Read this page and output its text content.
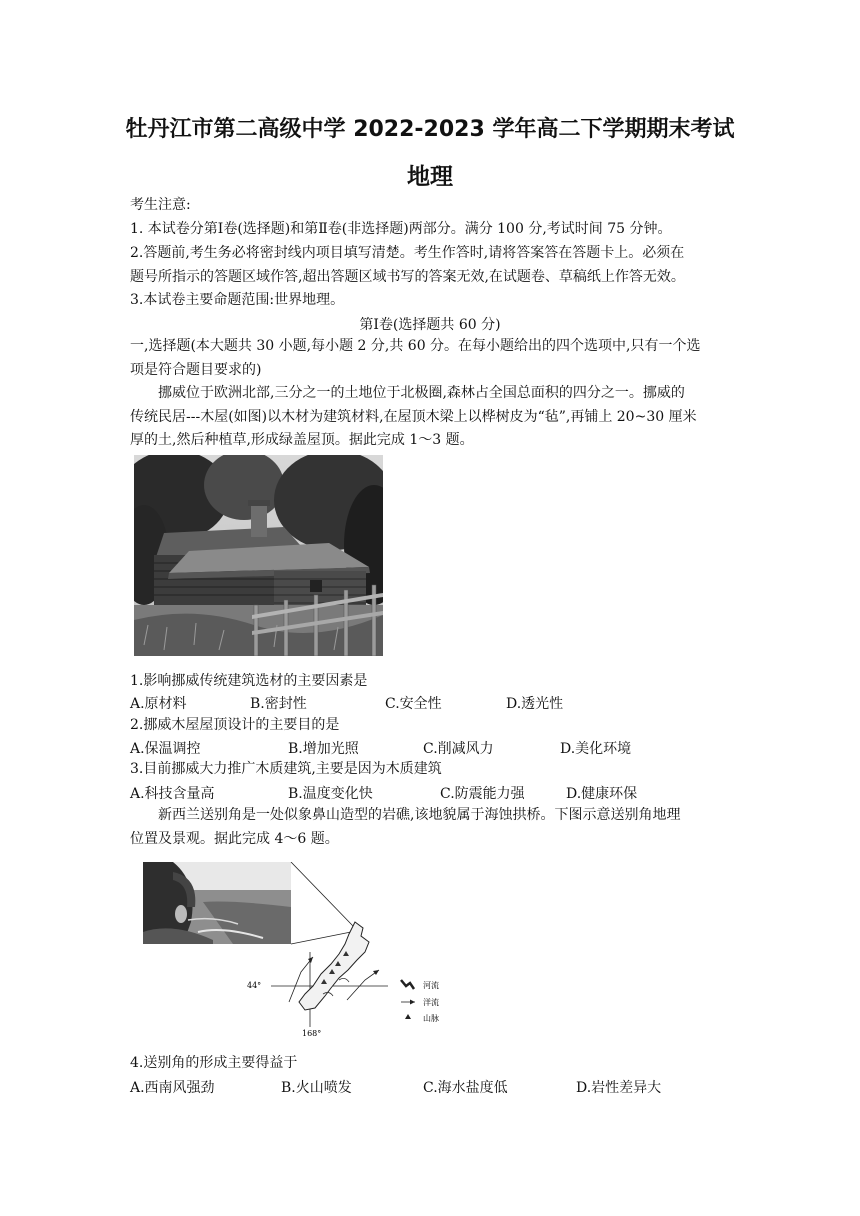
牡丹江市第二高级中学 2022-2023 学年高二下学期期末考试
地理
考生注意:
1. 本试卷分第Ⅰ卷(选择题)和第Ⅱ卷(非选择题)两部分。满分 100 分,考试时间 75 分钟。
2.答题前,考生务必将密封线内项目填写清楚。考生作答时,请将答案答在答题卡上。必须在
题号所指示的答题区域作答,超出答题区域书写的答案无效,在试题卷、草稿纸上作答无效。
3.本试卷主要命题范围:世界地理。
第Ⅰ卷(选择题共 60 分)
一,选择题(本大题共 30 小题,每小题 2 分,共 60 分。在每小题给出的四个选项中,只有一个选
项是符合题目要求的)
　　挪威位于欧洲北部,三分之一的土地位于北极圈,森林占全国总面积的四分之一。挪威的
传统民居---木屋(如图)以木材为建筑材料,在屋顶木梁上以桦树皮为“毡”,再铺上 20~30 厘米
厚的土,然后种植草,形成绿盖屋顶。据此完成 1～3 题。
1.影响挪威传统建筑选材的主要因素是
A.原材料	B.密封性	C.安全性	D.透光性
2.挪威木屋屋顶设计的主要目的是
A.保温调控	B.增加光照	C.削减风力	D.美化环境
3.目前挪威大力推广木质建筑,主要是因为木质建筑
A.科技含量高	B.温度变化快	C.防震能力强	D.健康环保
　　新西兰送别角是一处似象鼻山造型的岩礁,该地貌属于海蚀拱桥。下图示意送别角地理
位置及景观。据此完成 4～6 题。
44°
168°
河流
洋流
山脉
4.送别角的形成主要得益于
A.西南风强劲	B.火山喷发	C.海水盐度低	D.岩性差异大
